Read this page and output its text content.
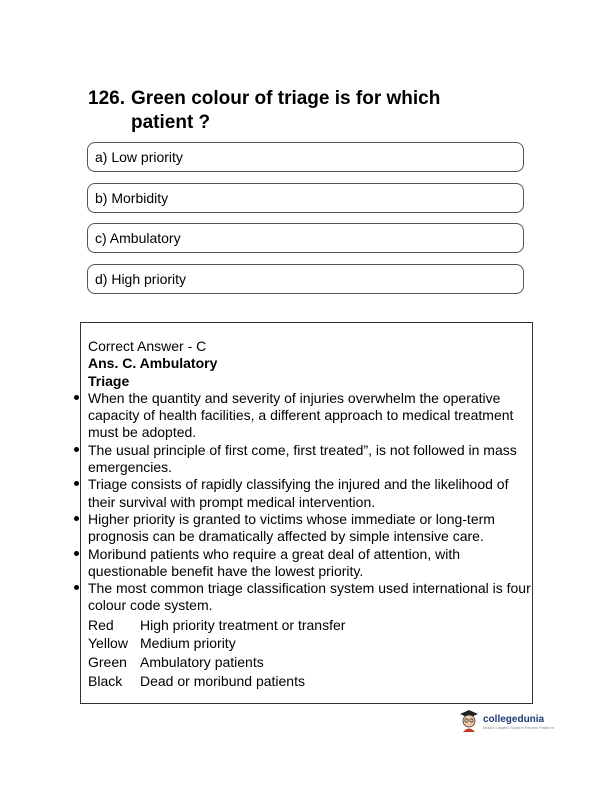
126. Green colour of triage is for which patient ?
a) Low priority
b) Morbidity
c) Ambulatory
d) High priority
Correct Answer - C
Ans. C. Ambulatory
Triage
When the quantity and severity of injuries overwhelm the operative capacity of health facilities, a different approach to medical treatment must be adopted.
The usual principle of first come, first treated”, is not followed in mass emergencies.
Triage consists of rapidly classifying the injured and the likelihood of their survival with prompt medical intervention.
Higher priority is granted to victims whose immediate or long-term prognosis can be dramatically affected by simple intensive care.
Moribund patients who require a great deal of attention, with questionable benefit have the lowest priority.
The most common triage classification system used international is four colour code system.
Red	High priority treatment or transfer
Yellow Medium priority
Green Ambulatory patients
Black	Dead or moribund patients
collegedunia
India's Largest Student Review Platform
